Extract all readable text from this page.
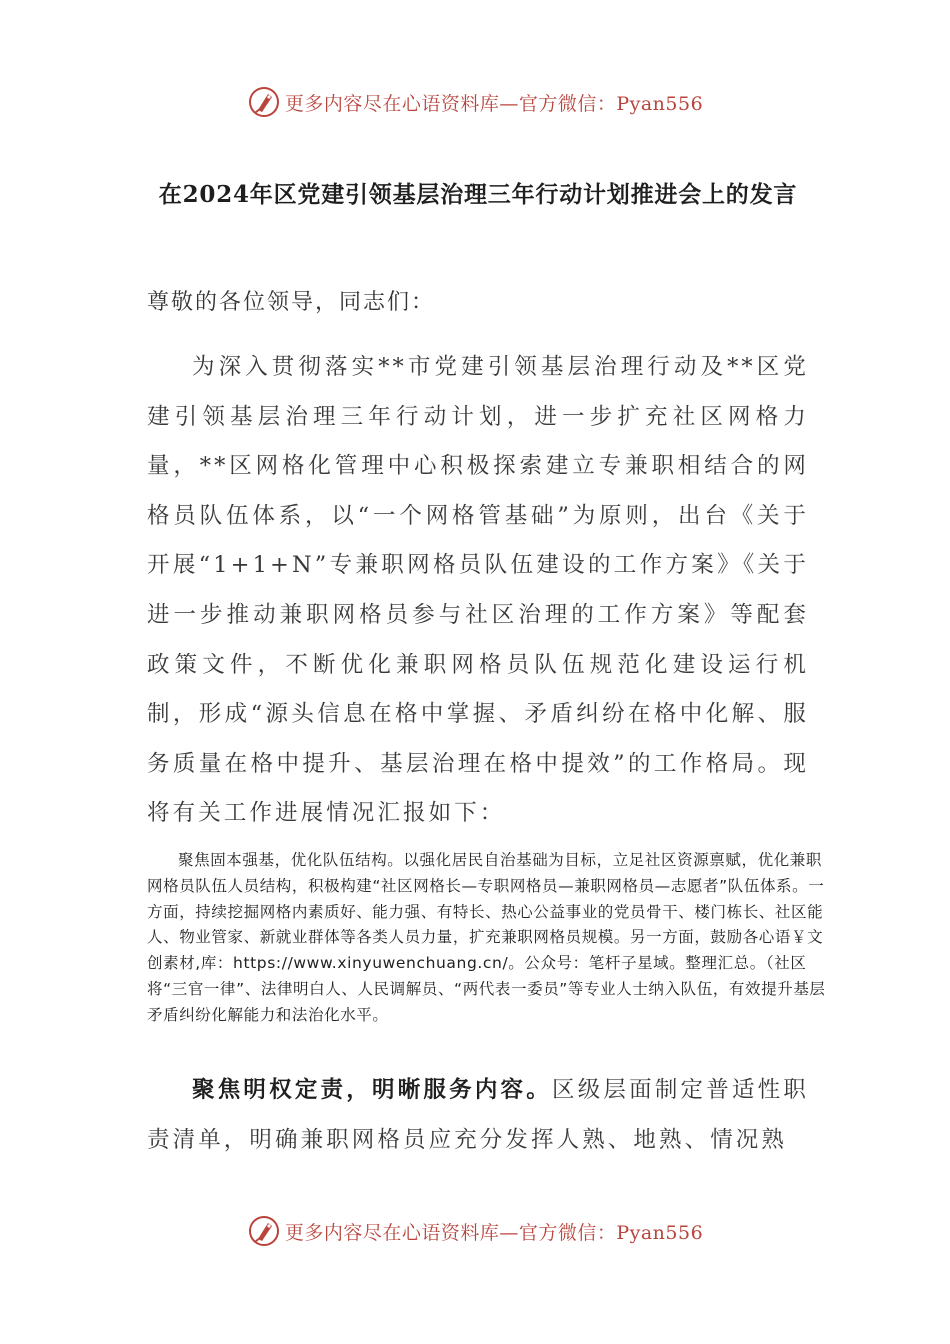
更多内容尽在心语资料库—官方微信：Pyan556
在2024年区党建引领基层治理三年行动计划推进会上的发言
尊敬的各位领导，同志们：
为深入贯彻落实**市党建引领基层治理行动及**区党建引领基层治理三年行动计划，进一步扩充社区网格力量，**区网格化管理中心积极探索建立专兼职相结合的网格员队伍体系，以“一个网格管基础”为原则，出台《关于开展“1+1+N”专兼职网格员队伍建设的工作方案》《关于进一步推动兼职网格员参与社区治理的工作方案》等配套政策文件，不断优化兼职网格员队伍规范化建设运行机制，形成“源头信息在格中掌握、矛盾纠纷在格中化解、服务质量在格中提升、基层治理在格中提效”的工作格局。现将有关工作进展情况汇报如下：
聚焦固本强基，优化队伍结构。以强化居民自治基础为目标，立足社区资源禀赋，优化兼职网格员队伍人员结构，积极构建“社区网格长—专职网格员—兼职网格员—志愿者”队伍体系。一方面，持续挖掘网格内素质好、能力强、有特长、热心公益事业的党员骨干、楼门栋长、社区能人、物业管家、新就业群体等各类人员力量，扩充兼职网格员规模。另一方面，鼓励各心语￥文创素材,库：https://www.xinyuwenchuang.cn/。公众号：笔杆子星域。整理汇总。（社区将“三官一律”、法律明白人、人民调解员、“两代表一委员”等专业人士纳入队伍，有效提升基层矛盾纠纷化解能力和法治化水平。
聚焦明权定责，明晰服务内容。区级层面制定普适性职责清单，明确兼职网格员应充分发挥人熟、地熟、情况熟
更多内容尽在心语资料库—官方微信：Pyan556
